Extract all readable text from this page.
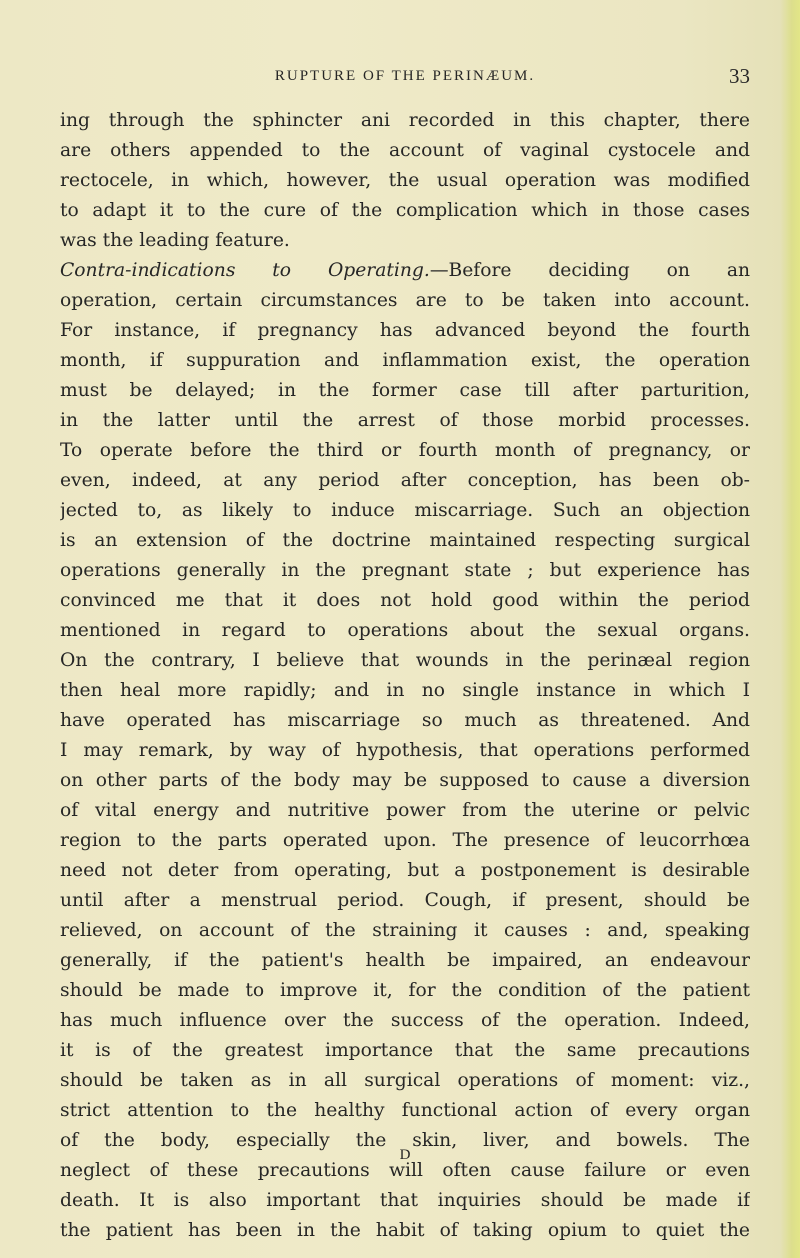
RUPTURE OF THE PERINÆUM.	33
ing through the sphincter ani recorded in this chapter, there
are others appended to the account of vaginal cystocele and
rectocele, in which, however, the usual operation was modified
to adapt it to the cure of the complication which in those cases
was the leading feature.
Contra-indications to Operating.—Before deciding on an
operation, certain circumstances are to be taken into account.
For instance, if pregnancy has advanced beyond the fourth
month, if suppuration and inflammation exist, the operation
must be delayed; in the former case till after parturition,
in the latter until the arrest of those morbid processes.
To operate before the third or fourth month of pregnancy, or
even, indeed, at any period after conception, has been ob-
jected to, as likely to induce miscarriage. Such an objection
is an extension of the doctrine maintained respecting surgical
operations generally in the pregnant state ; but experience has
convinced me that it does not hold good within the period
mentioned in regard to operations about the sexual organs.
On the contrary, I believe that wounds in the perinæal region
then heal more rapidly; and in no single instance in which I
have operated has miscarriage so much as threatened. And
I may remark, by way of hypothesis, that operations performed
on other parts of the body may be supposed to cause a diversion
of vital energy and nutritive power from the uterine or pelvic
region to the parts operated upon. The presence of leucorrhœa
need not deter from operating, but a postponement is desirable
until after a menstrual period. Cough, if present, should be
relieved, on account of the straining it causes : and, speaking
generally, if the patient's health be impaired, an endeavour
should be made to improve it, for the condition of the patient
has much influence over the success of the operation. Indeed,
it is of the greatest importance that the same precautions
should be taken as in all surgical operations of moment: viz.,
strict attention to the healthy functional action of every organ
of the body, especially the skin, liver, and bowels. The
neglect of these precautions will often cause failure or even
death. It is also important that inquiries should be made if
the patient has been in the habit of taking opium to quiet the
D
